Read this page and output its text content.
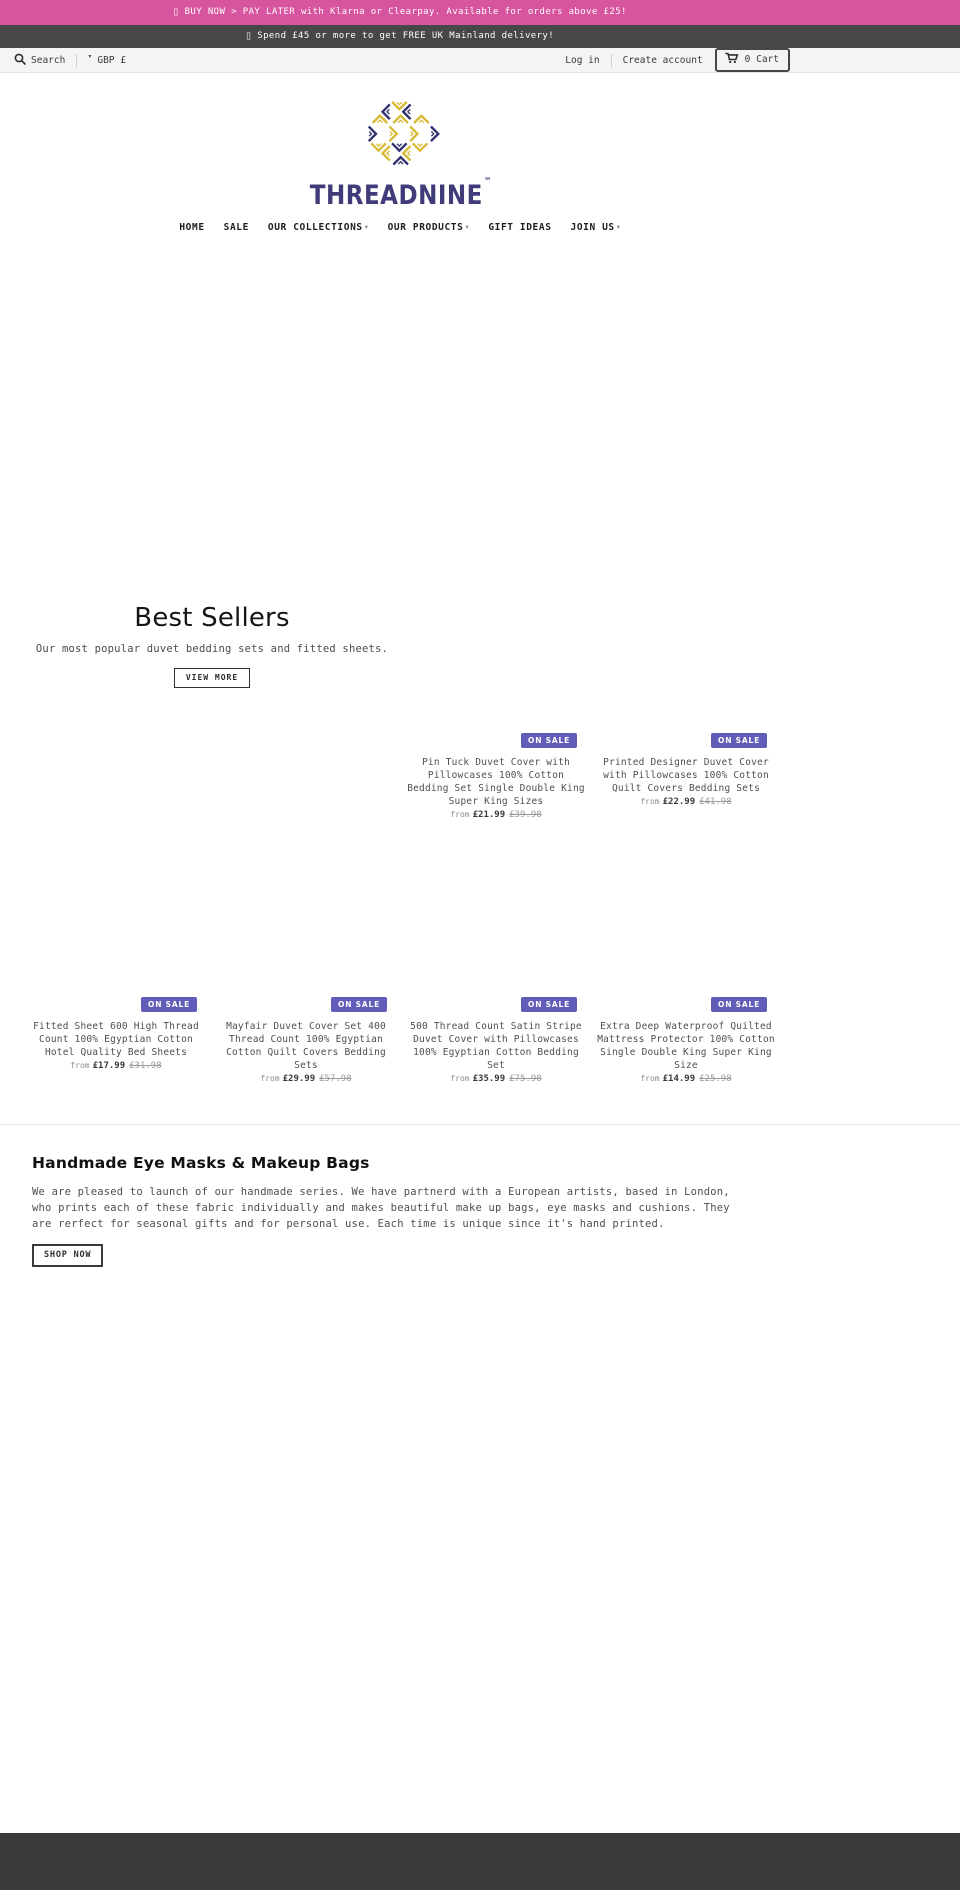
▯ BUY NOW > PAY LATER with Klarna or Clearpay. Available for orders above £25!
▯ Spend £45 or more to get FREE UK Mainland delivery!
Search	▾ GBP £	Log in Create account	0 Cart
THREADNINE™
HOME SALE OUR COLLECTIONS ▾ OUR PRODUCTS ▾ GIFT IDEAS JOIN US ▾
Best Sellers
Our most popular duvet bedding sets and fitted sheets.
VIEW MORE
ON SALE
Pin Tuck Duvet Cover with Pillowcases 100% Cotton Bedding Set Single Double King Super King Sizes
from £21.99 £39.98
ON SALE
Printed Designer Duvet Cover with Pillowcases 100% Cotton Quilt Covers Bedding Sets
from £22.99 £41.98
ON SALE
Fitted Sheet 600 High Thread Count 100% Egyptian Cotton Hotel Quality Bed Sheets
from £17.99 £31.98
ON SALE
Mayfair Duvet Cover Set 400 Thread Count 100% Egyptian Cotton Quilt Covers Bedding Sets
from £29.99 £57.98
ON SALE
500 Thread Count Satin Stripe Duvet Cover with Pillowcases 100% Egyptian Cotton Bedding Set
from £35.99 £75.98
ON SALE
Extra Deep Waterproof Quilted Mattress Protector 100% Cotton Single Double King Super King Size
from £14.99 £25.98
Handmade Eye Masks & Makeup Bags
We are pleased to launch of our handmade series. We have partnerd with a European artists, based in London, who prints each of these fabric individually and makes beautiful make up bags, eye masks and cushions. They are rerfect for seasonal gifts and for personal use. Each time is unique since it's hand printed.
SHOP NOW
